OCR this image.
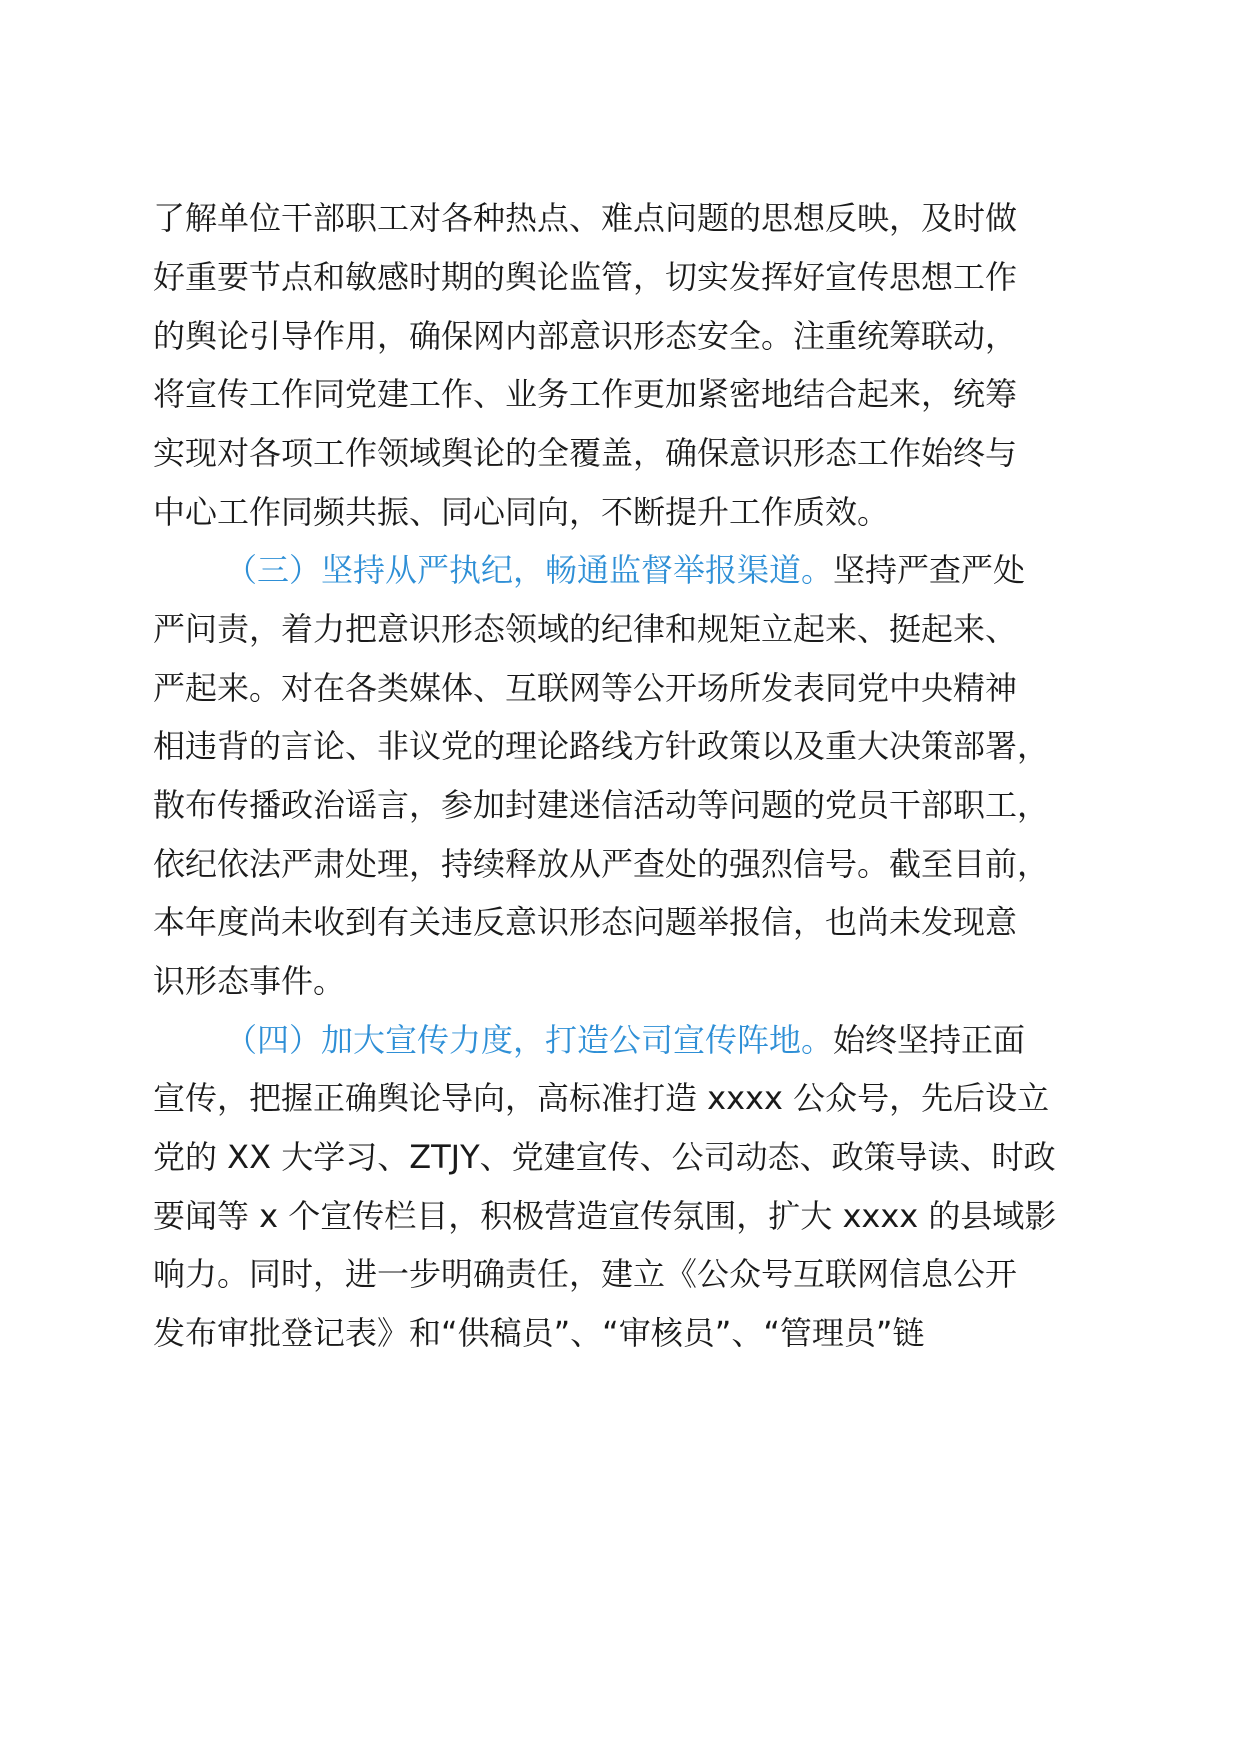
了解单位干部职工对各种热点、难点问题的思想反映，及时做

好重要节点和敏感时期的舆论监管，切实发挥好宣传思想工作

的舆论引导作用，确保网内部意识形态安全。注重统筹联动，

将宣传工作同党建工作、业务工作更加紧密地结合起来，统筹

实现对各项工作领域舆论的全覆盖，确保意识形态工作始终与

中心工作同频共振、同心同向，不断提升工作质效。

（三）坚持从严执纪，畅通监督举报渠道。坚持严查严处

严问责，着力把意识形态领域的纪律和规矩立起来、挺起来、

严起来。对在各类媒体、互联网等公开场所发表同党中央精神

相违背的言论、非议党的理论路线方针政策以及重大决策部署，

散布传播政治谣言，参加封建迷信活动等问题的党员干部职工，

依纪依法严肃处理，持续释放从严查处的强烈信号。截至目前，

本年度尚未收到有关违反意识形态问题举报信，也尚未发现意

识形态事件。

（四）加大宣传力度，打造公司宣传阵地。始终坚持正面

宣传，把握正确舆论导向，高标准打造 xxxx 公众号，先后设立

党的 XX 大学习、ZTJY、党建宣传、公司动态、政策导读、时政

要闻等 x 个宣传栏目，积极营造宣传氛围，扩大 xxxx 的县域影

响力。同时，进一步明确责任，建立《公众号互联网信息公开

发布审批登记表》和“供稿员”、“审核员”、“管理员”链
